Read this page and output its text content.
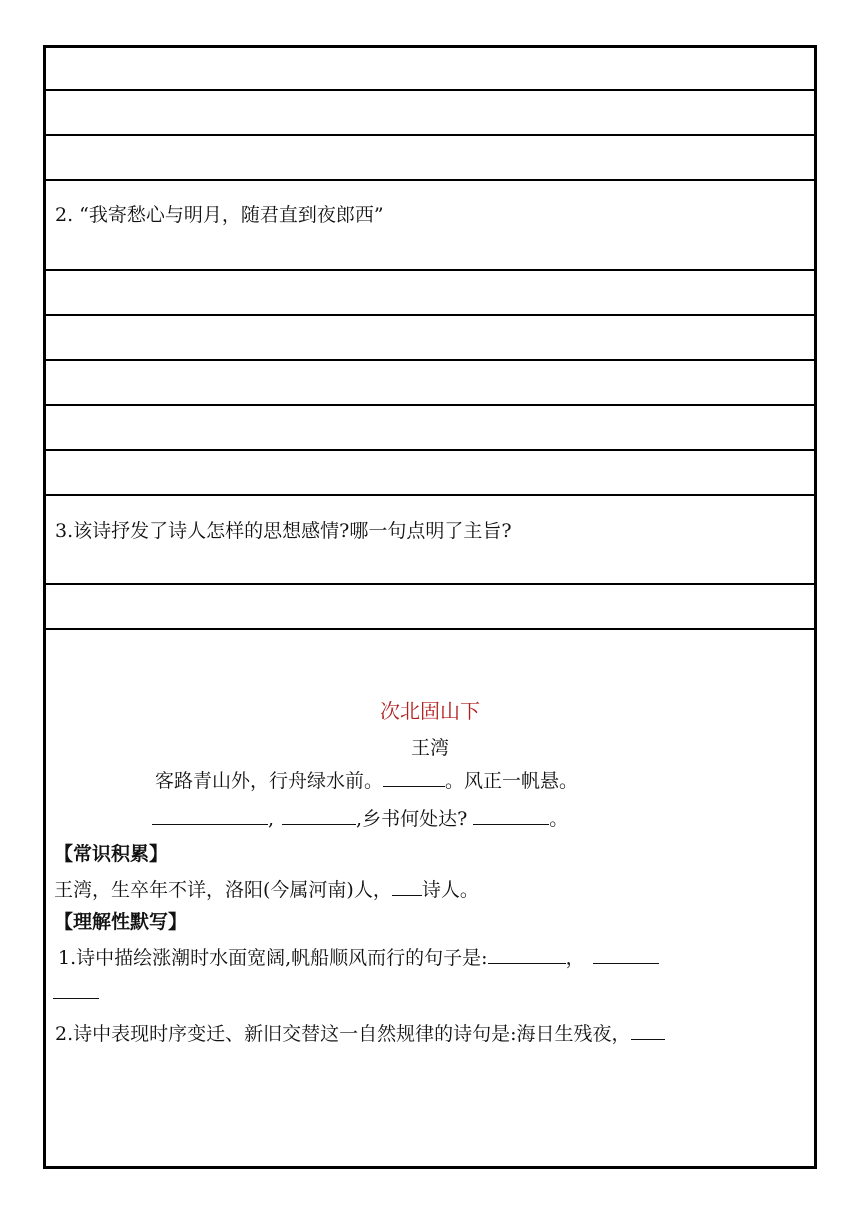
2. “我寄愁心与明月，随君直到夜郎西”
3.该诗抒发了诗人怎样的思想感情?哪一句点明了主旨?
次北固山下
王湾
客路青山外，行舟绿水前。	。风正一帆悬。
,	,乡书何处达?	。
【常识积累】
王湾，生卒年不详，洛阳(今属河南)人， 诗人。
【理解性默写】
1.诗中描绘涨潮时水面宽阔,帆船顺风而行的句子是:	，
2.诗中表现时序变迁、新旧交替这一自然规律的诗句是:海日生残夜，
